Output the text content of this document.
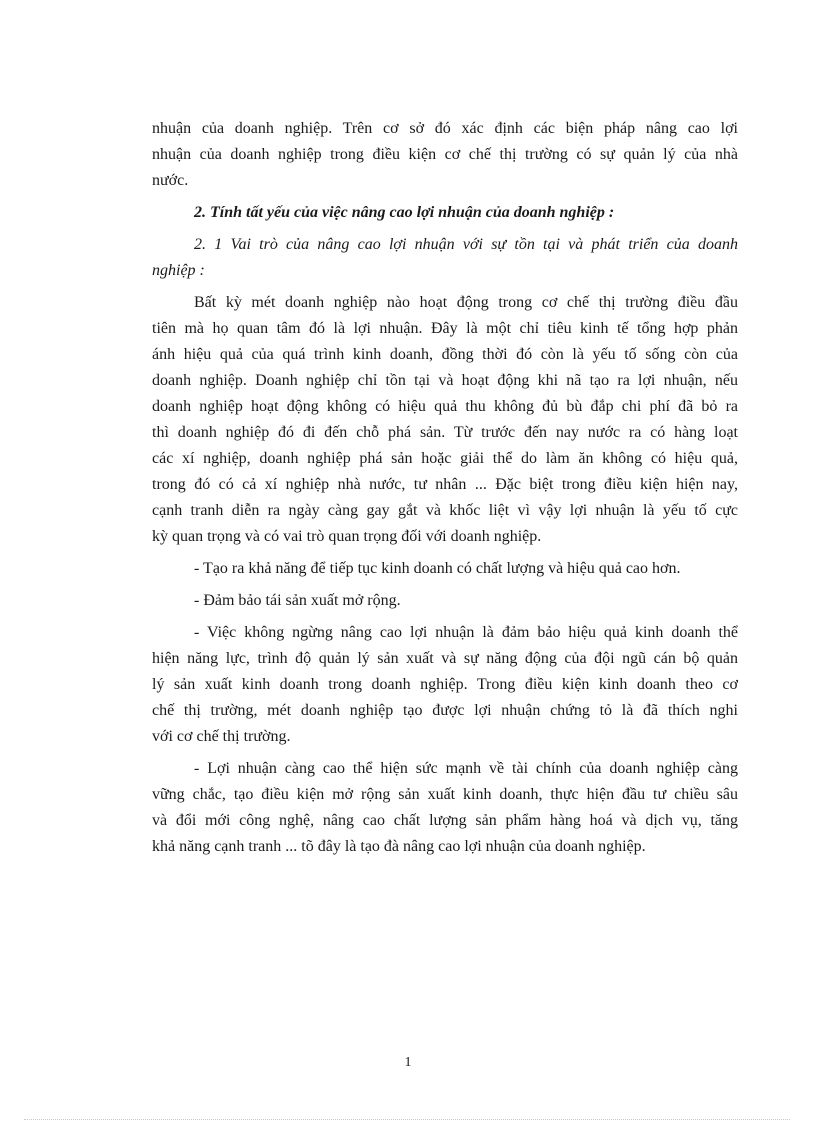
nhuận của doanh nghiệp. Trên cơ sở đó xác định các biện pháp nâng cao lợi
nhuận của doanh nghiệp trong điều kiện cơ chế thị trường có sự quản lý của nhà
nước.
2. Tính tất yếu của việc nâng cao lợi nhuận của doanh nghiệp :
2. 1 Vai trò của nâng cao lợi nhuận với sự tồn tại và phát triển của doanh
nghiệp :
Bất kỳ mét doanh nghiệp nào hoạt động trong cơ chế thị trường điều đầu
tiên mà họ quan tâm đó là lợi nhuận. Đây là một chỉ tiêu kinh tế tổng hợp phản
ánh hiệu quả của quá trình kinh doanh, đồng thời đó còn là yếu tố sống còn của
doanh nghiệp. Doanh nghiệp chỉ tồn tại và hoạt động khi nã tạo ra lợi nhuận, nếu
doanh nghiệp hoạt động không có hiệu quả thu không đủ bù đắp chi phí đã bỏ ra
thì doanh nghiệp đó đi đến chỗ phá sản. Từ trước đến nay nước ra có hàng loạt
các xí nghiệp, doanh nghiệp phá sản hoặc giải thể do làm ăn không có hiệu quả,
trong đó có cả xí nghiệp nhà nước, tư nhân ... Đặc biệt trong điều kiện hiện nay,
cạnh tranh diễn ra ngày càng gay gắt và khốc liệt vì vậy lợi nhuận là yếu tố cực
kỳ quan trọng và có vai trò quan trọng đối với doanh nghiệp.
- Tạo ra khả năng để tiếp tục kinh doanh có chất lượng và hiệu quả cao hơn.
- Đảm bảo tái sản xuất mở rộng.
- Việc không ngừng nâng cao lợi nhuận là đảm bảo hiệu quả kinh doanh thể
hiện năng lực, trình độ quản lý sản xuất và sự năng động của đội ngũ cán bộ quản
lý sản xuất kinh doanh trong doanh nghiệp. Trong điều kiện kinh doanh theo cơ
chế thị trường, mét doanh nghiệp tạo được lợi nhuận chứng tỏ là đã thích nghi
với cơ chế thị trường.
- Lợi nhuận càng cao thể hiện sức mạnh về tài chính của doanh nghiệp càng
vững chắc, tạo điều kiện mở rộng sản xuất kinh doanh, thực hiện đầu tư chiều sâu
và đổi mới công nghệ, nâng cao chất lượng sản phẩm hàng hoá và dịch vụ, tăng
khả năng cạnh tranh ... tõ đây là tạo đà nâng cao lợi nhuận của doanh nghiệp.
1
